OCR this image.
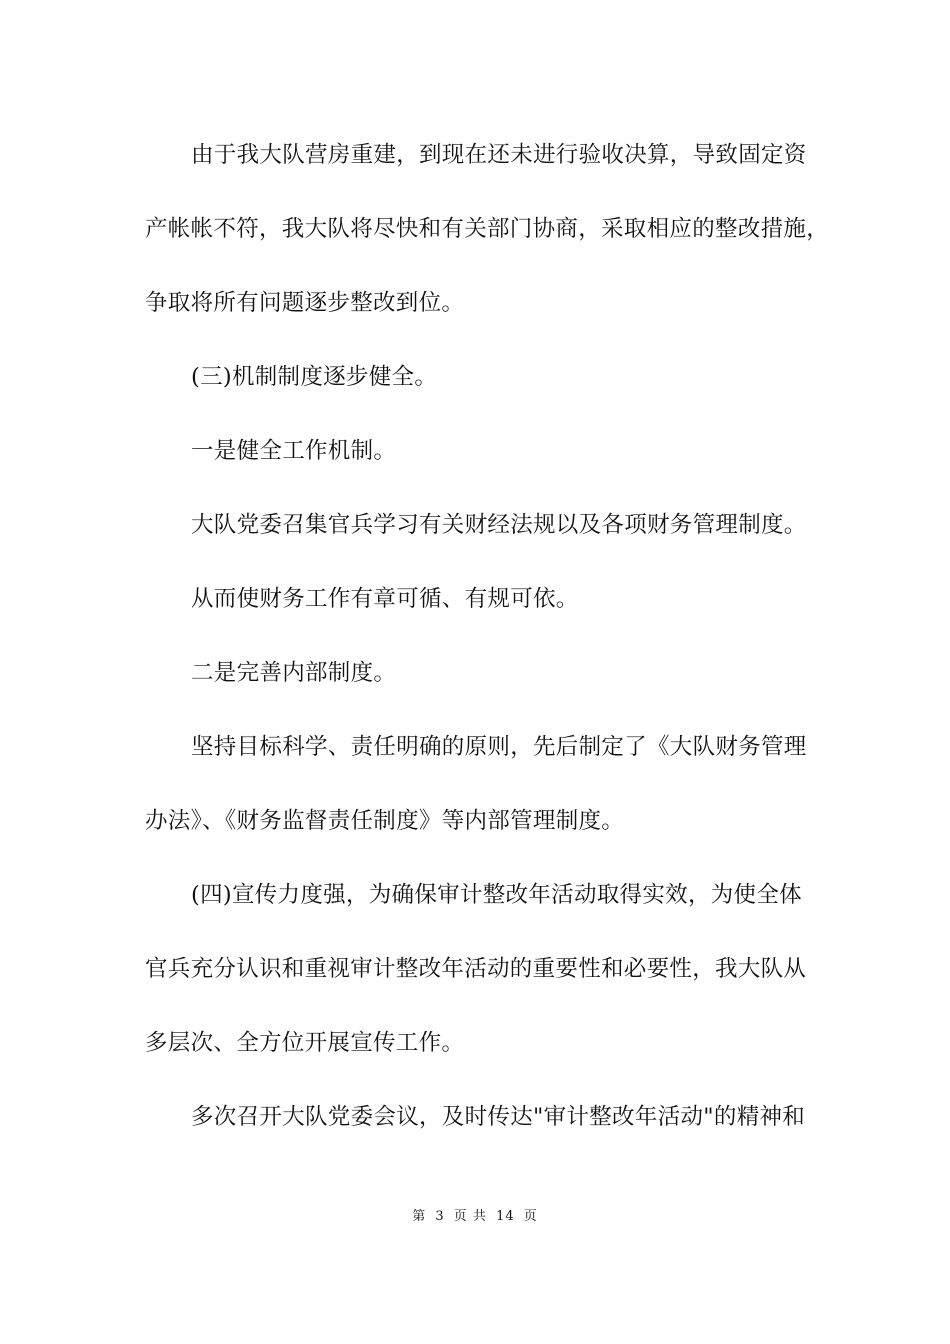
由于我大队营房重建，到现在还未进行验收决算，导致固定资
产帐帐不符，我大队将尽快和有关部门协商，采取相应的整改措施，
争取将所有问题逐步整改到位。
(三)机制制度逐步健全。
一是健全工作机制。
大队党委召集官兵学习有关财经法规以及各项财务管理制度。
从而使财务工作有章可循、有规可依。
二是完善内部制度。
坚持目标科学、责任明确的原则，先后制定了《大队财务管理
办法》、《财务监督责任制度》等内部管理制度。
(四)宣传力度强，为确保审计整改年活动取得实效，为使全体
官兵充分认识和重视审计整改年活动的重要性和必要性，我大队从
多层次、全方位开展宣传工作。
多次召开大队党委会议，及时传达"审计整改年活动"的精神和
第 3 页 共 14 页
